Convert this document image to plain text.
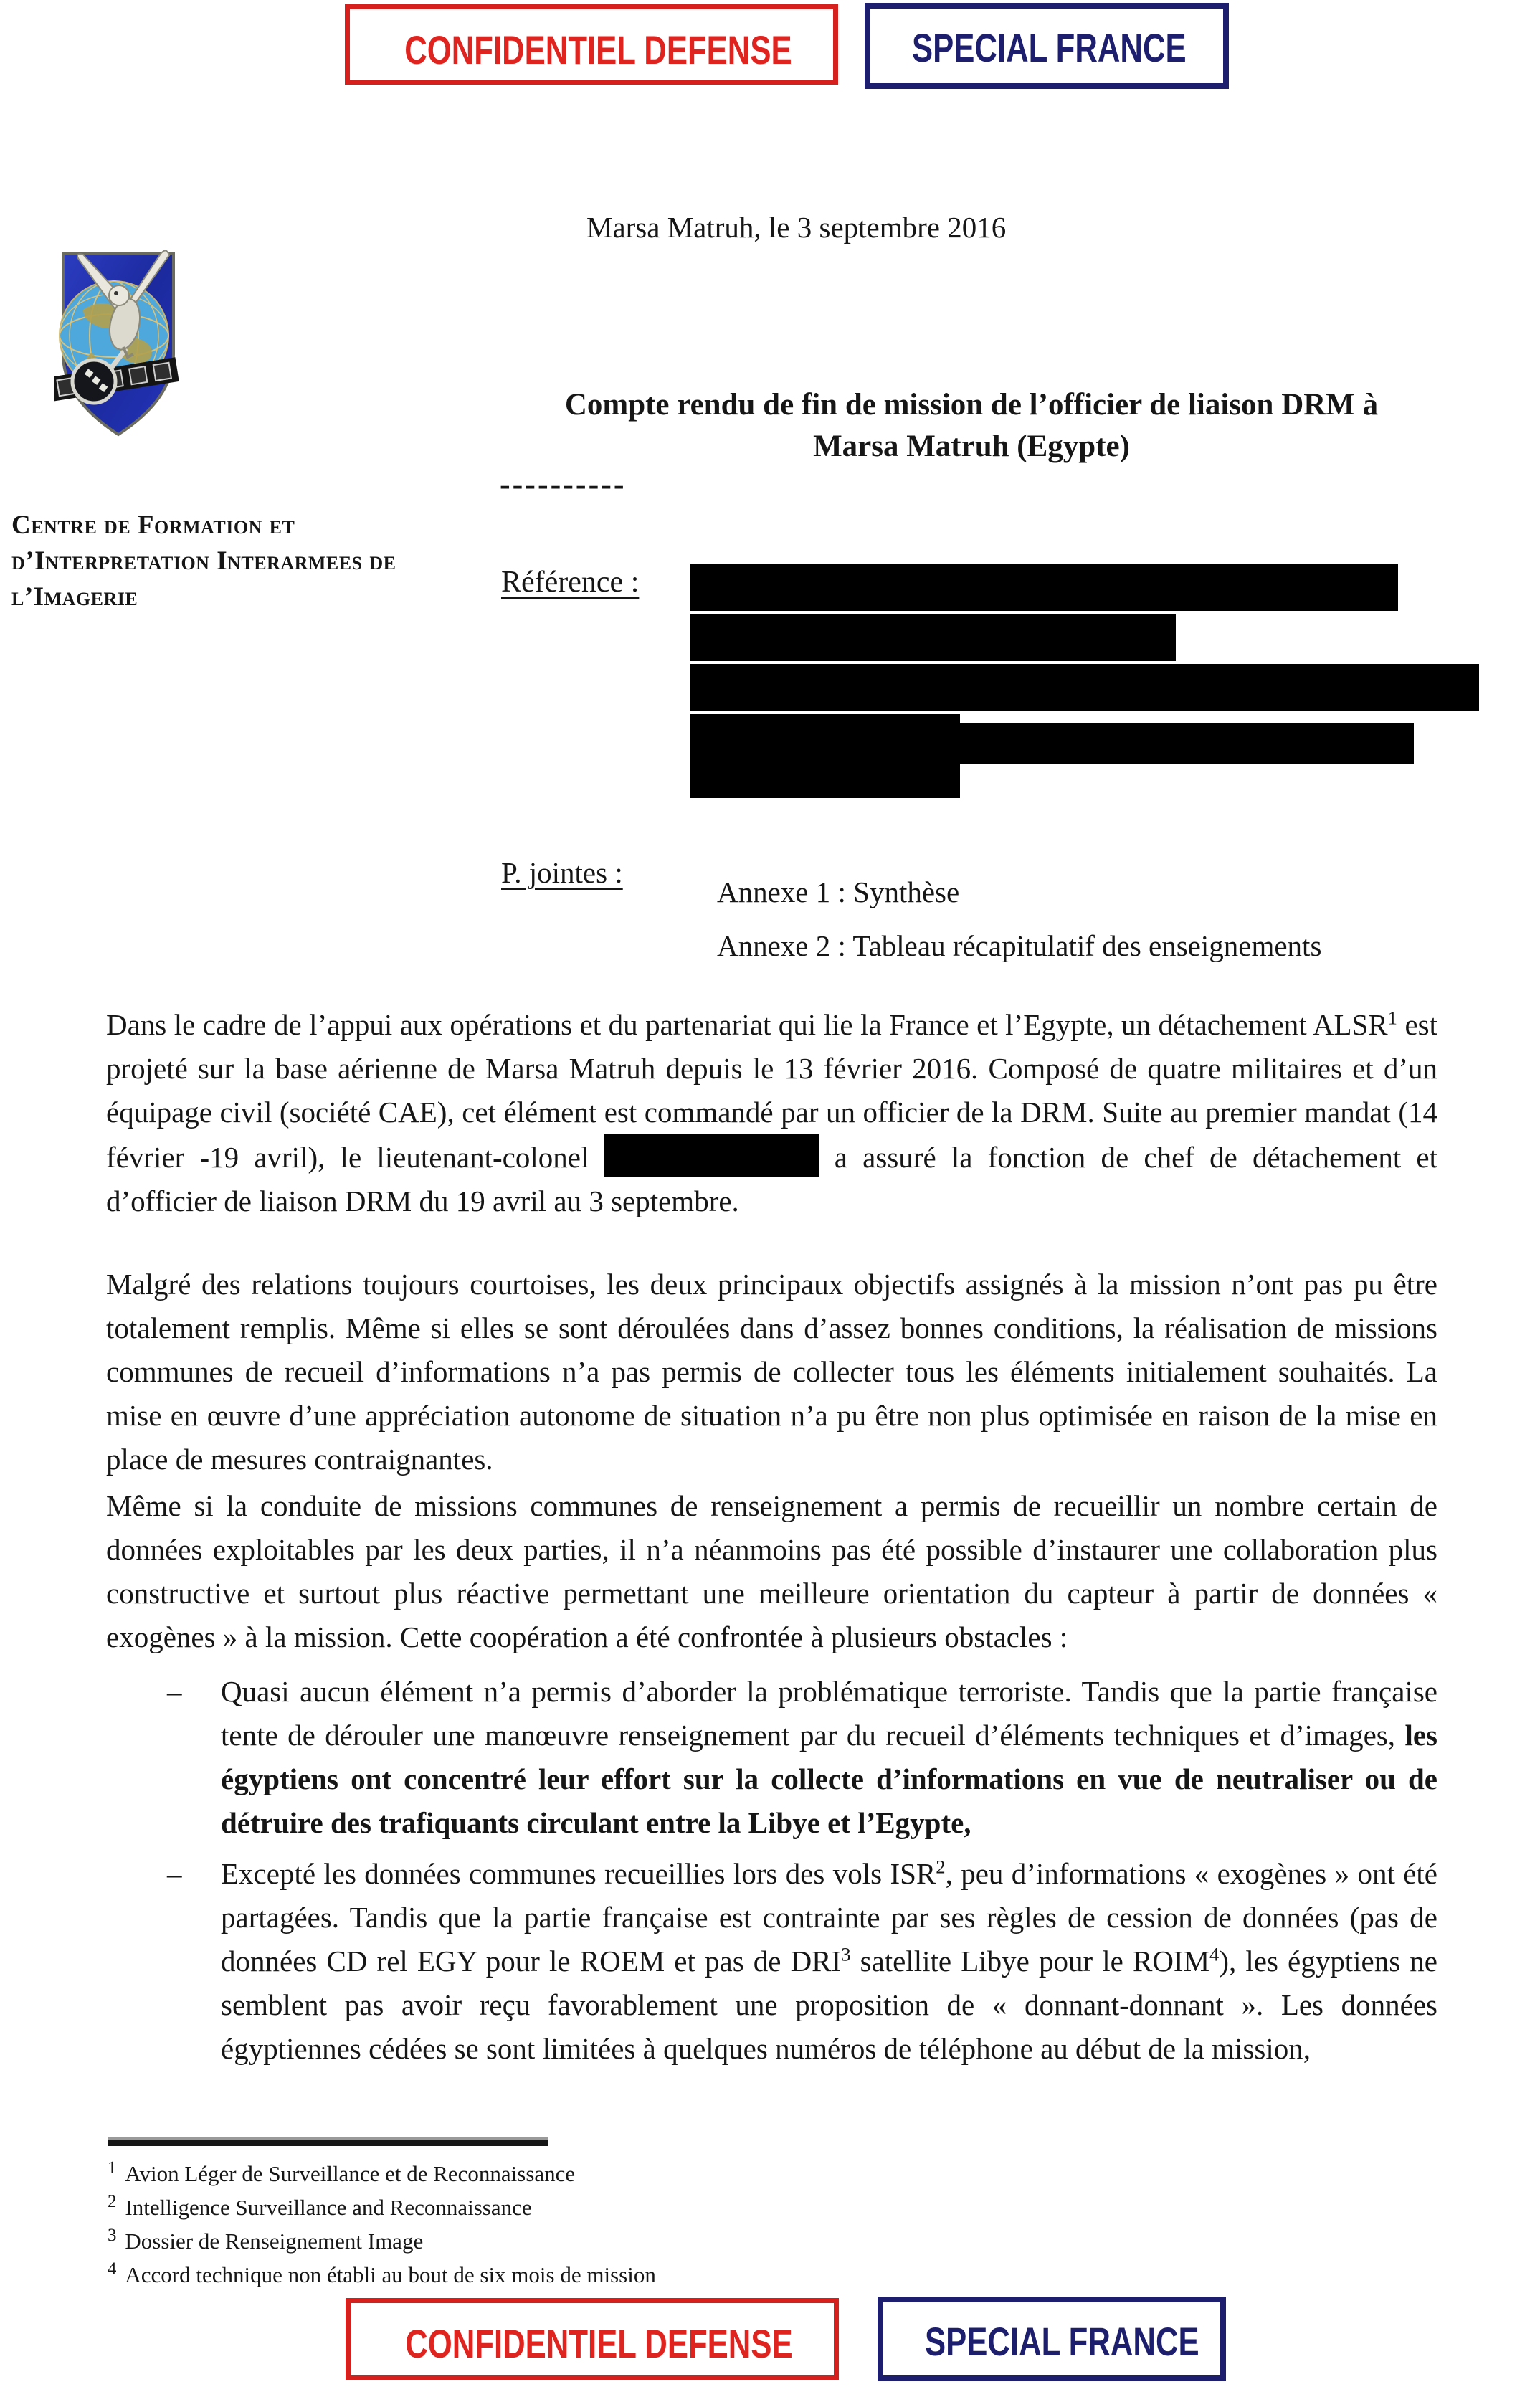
CONFIDENTIEL DEFENSE	SPECIAL FRANCE
Marsa Matruh, le 3 septembre 2016
Centre de Formation et
d’Interpretation Interarmees de
l’Imagerie
Compte rendu de fin de mission de l’officier de liaison DRM à
Marsa Matruh (Egypte)
----------
Référence :
P. jointes :
Annexe 1 : Synthèse
Annexe 2 : Tableau récapitulatif des enseignements
Dans le cadre de l’appui aux opérations et du partenariat qui lie la France et l’Egypte, un détachement ALSR$^1$ est projeté sur la base aérienne de Marsa Matruh depuis le 13 février 2016. Composé de quatre militaires et d’un équipage civil (société CAE), cet élément est commandé par un officier de la DRM. Suite au premier mandat (14 février -19 avril), le lieutenant-colonel	a assuré la fonction de chef de détachement et d’officier de liaison DRM du 19 avril au 3 septembre.
Malgré des relations toujours courtoises, les deux principaux objectifs assignés à la mission n’ont pas pu être totalement remplis. Même si elles se sont déroulées dans d’assez bonnes conditions, la réalisation de missions communes de recueil d’informations n’a pas permis de collecter tous les éléments initialement souhaités. La mise en œuvre d’une appréciation autonome de situation n’a pu être non plus optimisée en raison de la mise en place de mesures contraignantes.
Même si la conduite de missions communes de renseignement a permis de recueillir un nombre certain de données exploitables par les deux parties, il n’a néanmoins pas été possible d’instaurer une collaboration plus constructive et surtout plus réactive permettant une meilleure orientation du capteur à partir de données « exogènes » à la mission. Cette coopération a été confrontée à plusieurs obstacles :
–	Quasi aucun élément n’a permis d’aborder la problématique terroriste. Tandis que la partie française tente de dérouler une manœuvre renseignement par du recueil d’éléments techniques et d’images, les égyptiens ont concentré leur effort sur la collecte d’informations en vue de neutraliser ou de détruire des trafiquants circulant entre la Libye et l’Egypte,
–	Excepté les données communes recueillies lors des vols ISR$^2$, peu d’informations « exogènes » ont été partagées. Tandis que la partie française est contrainte par ses règles de cession de données (pas de données CD rel EGY pour le ROEM et pas de DRI$^3$ satellite Libye pour le ROIM$^4$), les égyptiens ne semblent pas avoir reçu favorablement une proposition de « donnant-donnant ». Les données égyptiennes cédées se sont limitées à quelques numéros de téléphone au début de la mission,
$^1$ Avion Léger de Surveillance et de Reconnaissance
$^2$ Intelligence Surveillance and Reconnaissance
$^3$ Dossier de Renseignement Image
$^4$ Accord technique non établi au bout de six mois de mission
CONFIDENTIEL DEFENSE	SPECIAL FRANCE
